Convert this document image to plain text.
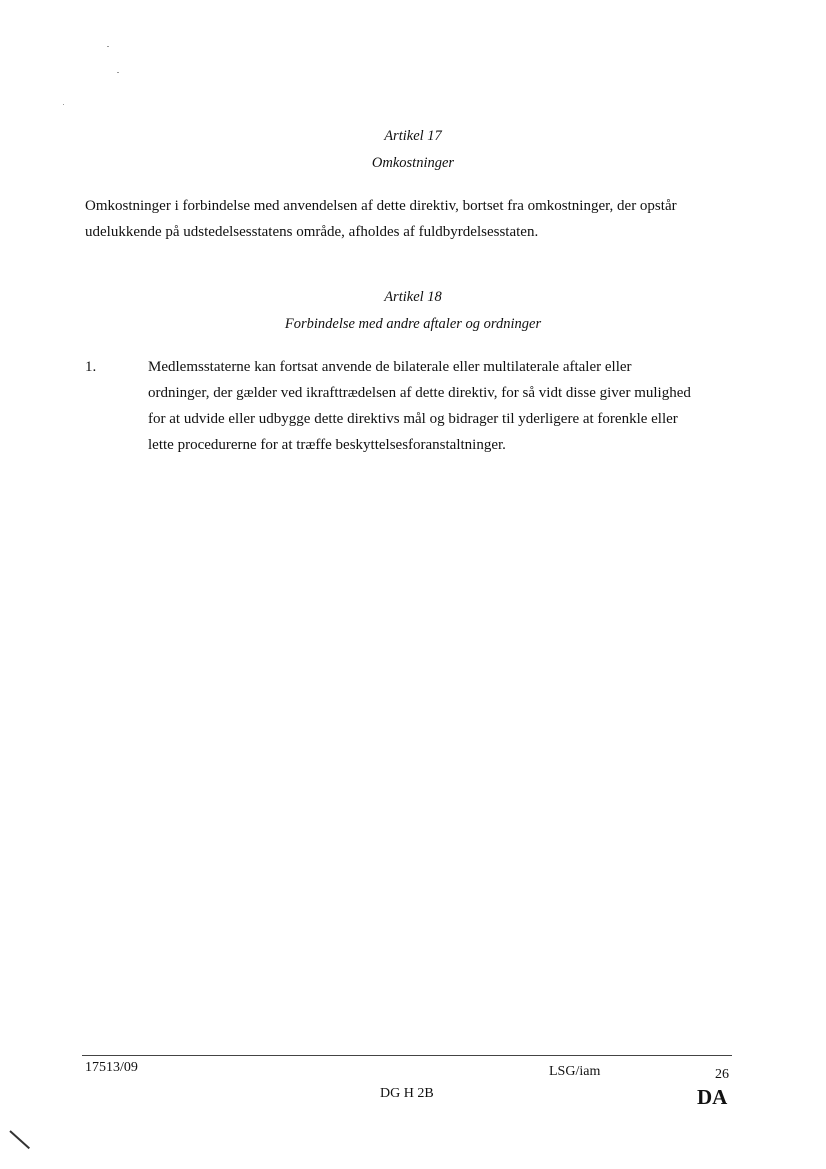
Artikel 17
Omkostninger
Omkostninger i forbindelse med anvendelsen af dette direktiv, bortset fra omkostninger, der opstår
udelukkende på udstedelsesstatens område, afholdes af fuldbyrdelsesstaten.
Artikel 18
Forbindelse med andre aftaler og ordninger
1.	Medlemsstaterne kan fortsat anvende de bilaterale eller multilaterale aftaler eller
ordninger, der gælder ved ikrafttrædelsen af dette direktiv, for så vidt disse giver mulighed
for at udvide eller udbygge dette direktivs mål og bidrager til yderligere at forenkle eller
lette procedurerne for at træffe beskyttelsesforanstaltninger.
17513/09	LSG/iam	26
DG H 2B	DA
